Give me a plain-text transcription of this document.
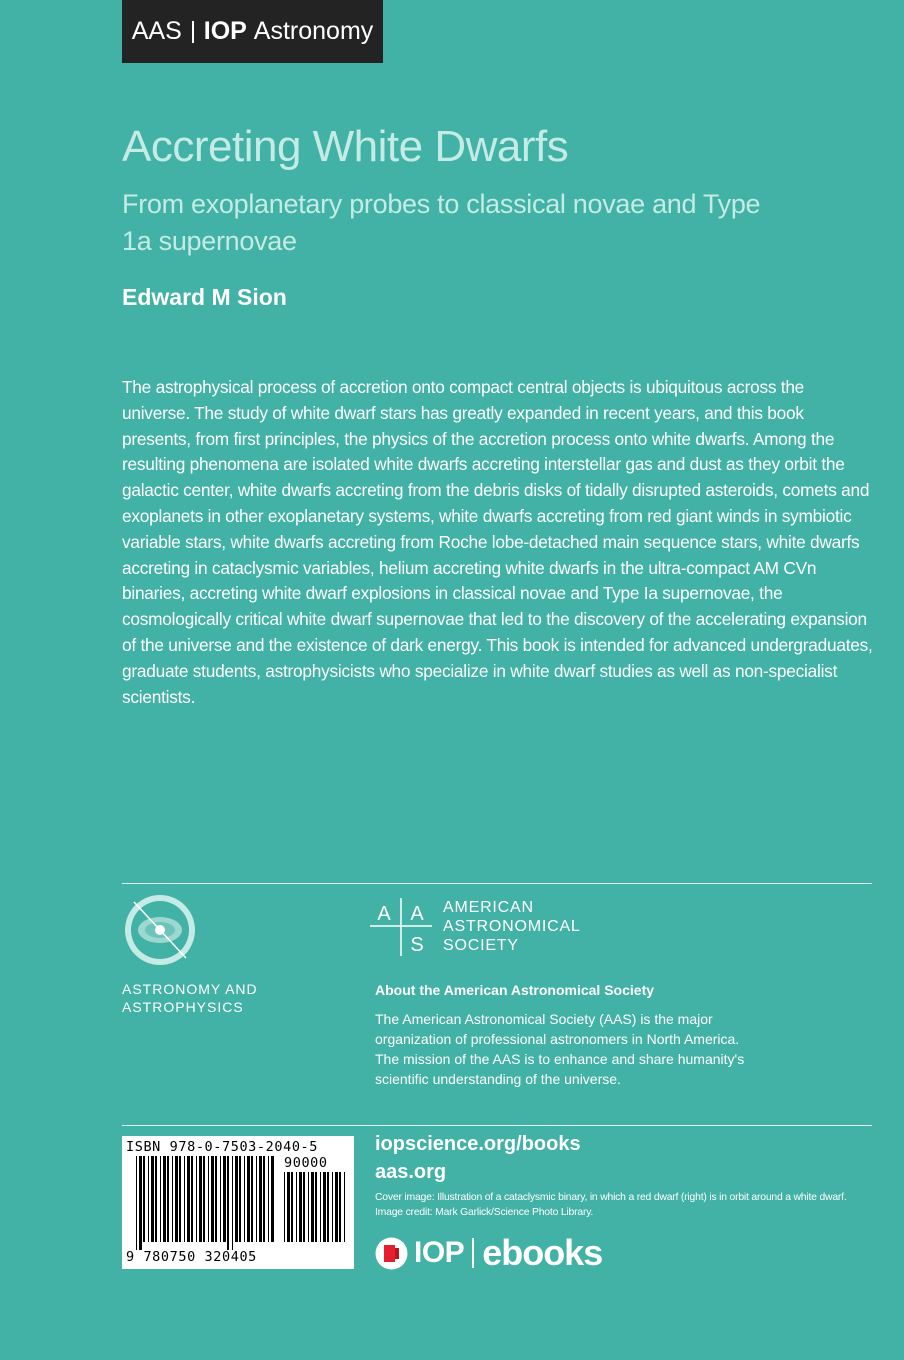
AAS IOP
Astronomy
Accreting White Dwarfs
From exoplanetary probes to classical novae and Type 1a supernovae
Edward M Sion
The astrophysical process of accretion onto compact central objects is ubiquitous across the universe. The study of white dwarf stars has greatly expanded in recent years, and this book presents, from first principles, the physics of the accretion process onto white dwarfs. Among the resulting phenomena are isolated white dwarfs accreting interstellar gas and dust as they orbit the galactic center, white dwarfs accreting from the debris disks of tidally disrupted asteroids, comets and exoplanets in other exoplanetary systems, white dwarfs accreting from red giant winds in symbiotic variable stars, white dwarfs accreting from Roche lobe-detached main sequence stars, white dwarfs accreting in cataclysmic variables, helium accreting white dwarfs in the ultra-compact AM CVn binaries, accreting white dwarf explosions in classical novae and Type Ia supernovae, the cosmologically critical white dwarf supernovae that led to the discovery of the accelerating expansion of the universe and the existence of dark energy. This book is intended for advanced undergraduates, graduate students, astrophysicists who specialize in white dwarf studies as well as non-specialist scientists.
ASTRONOMY AND
ASTROPHYSICS
A A
S
AMERICAN
ASTRONOMICAL
SOCIETY
About the American Astronomical Society
The American Astronomical Society (AAS) is the major organization of professional astronomers in North America. The mission of the AAS is to enhance and share humanity's scientific understanding of the universe.
ISBN 978-0-7503-2040-5
90000
9 780750 320405
iopscience.org/books
aas.org
Cover image: Illustration of a cataclysmic binary, in which a red dwarf (right) is in orbit around a white dwarf.
Image credit: Mark Garlick/Science Photo Library.
IOP ebooks
